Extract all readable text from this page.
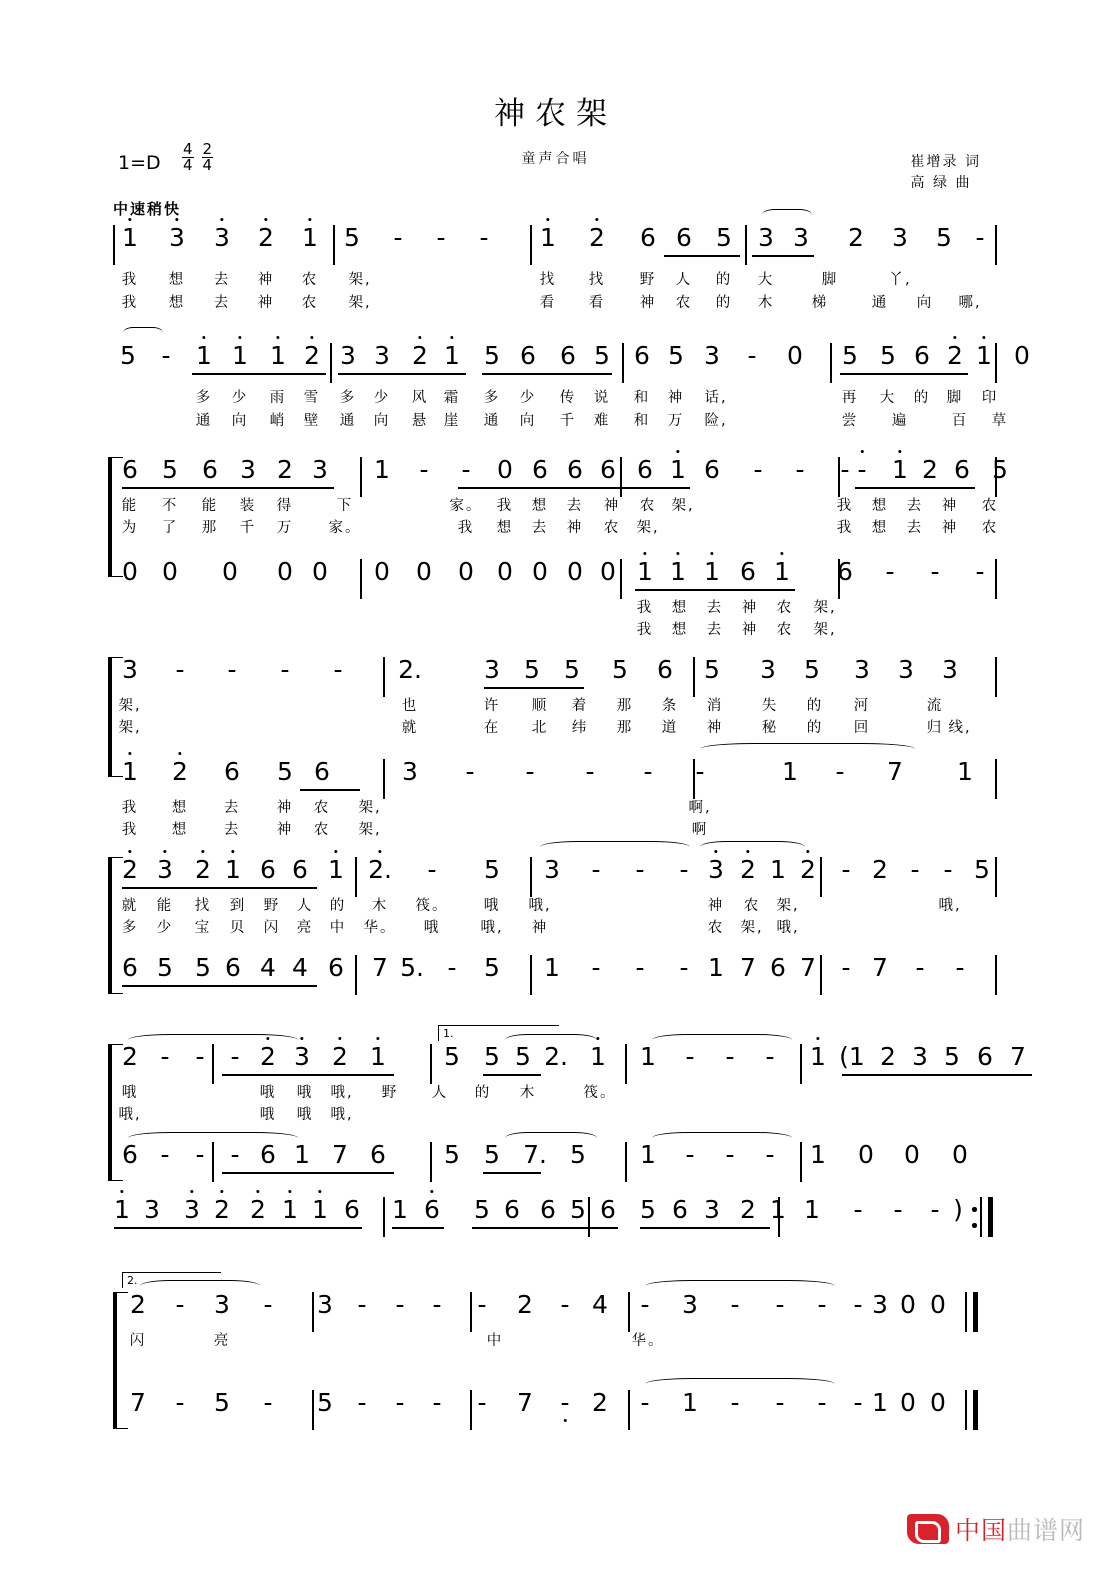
神农架
童声合唱
$1=D \frac{4}{4} \frac{2}{4}$	崔增录 词
高 绿 曲
中速稍快
1 3 3 2 1 5 - - - 1 2 6 6 5 3 3 2 3 5 -
我 想 去 神 农 架,	找 找 野 人 的 大	脚	丫,
我 想 去 神 农 架,	看 看 神 农 的 木	梯	通 向 哪,
5 - 1 1 1 2 3 3 2 1 5 6 6 5 6 5 3 - 0 5 5 6 2 1 0
多 少 雨 雪 多 少 风 霜 多 少 传 说 和 神 话,	再 大 的 脚 印
通 向 峭 壁 通 向 悬 崖 通 向 千 难 和 万 险,	尝 遍	百 草
6 5 6 3 2 3 1 - - 0 6 6 6 6 1 6 - - - - 1 2 6 5
能 不 能 装 得	下	家。 我 想 去 神 农 架,	我 想 去 神 农
为 了 那 千 万 家。	我 想 去 神 农 架,	我 想 去 神 农
0 0 0 0 0 0 0 0 0 0 0 0 1 1 1 6 1 6 - - -
我 想 去 神 农 架,
我 想 去 神 农 架,
3 - - - - 2. 3 5 5 5 6 5 3 5 3 3 3
架,	也	许 顺 着 那 条 消	失 的 河	流
架,	就	在 北 纬 那 道 神	秘 的 回	归 线,
1 2 6 5 6	3 - - - - -	1 - 7 1
我 想 去	神 农 架,	啊,
我 想 去	神 农 架,	啊
2 3 2 1 6 6 1 2. - 5 3 - - - 3 2 1 2 - 2 - - 5
就 能 找 到 野 人 的 木 筏。 哦 哦,	神 农 架,	哦,
多 少 宝 贝 闪 亮 中 华。 哦	哦, 神	农 架, 哦,
6 5 5 6 4 4 6 7 5. - 5 1 - - - 1 7 6 7 - 7 - -
1.
2 - - - 2 3 2 1 5 5 5 2. 1 1 - - - 1 (1 2 3 5 6 7
哦	哦 哦 哦, 野 人 的 木	筏。
哦,	哦 哦 哦,
6 - - - 6 1 7 6 5 5 7. 5 1 - - - 1 0 0 0
1 3 3 2 2 1 1 6 1 6 5 6 6 5 6 5 6 3 2 1 1 - - - )
2.
2 - 3 - 3 - - - - 2 - 4 - 3 - - - - 3 0 0
闪	亮	中	华。
7 - 5 - 5 - - - - 7 - 2 - 1 - - - - 1 0 0
中国曲谱网
